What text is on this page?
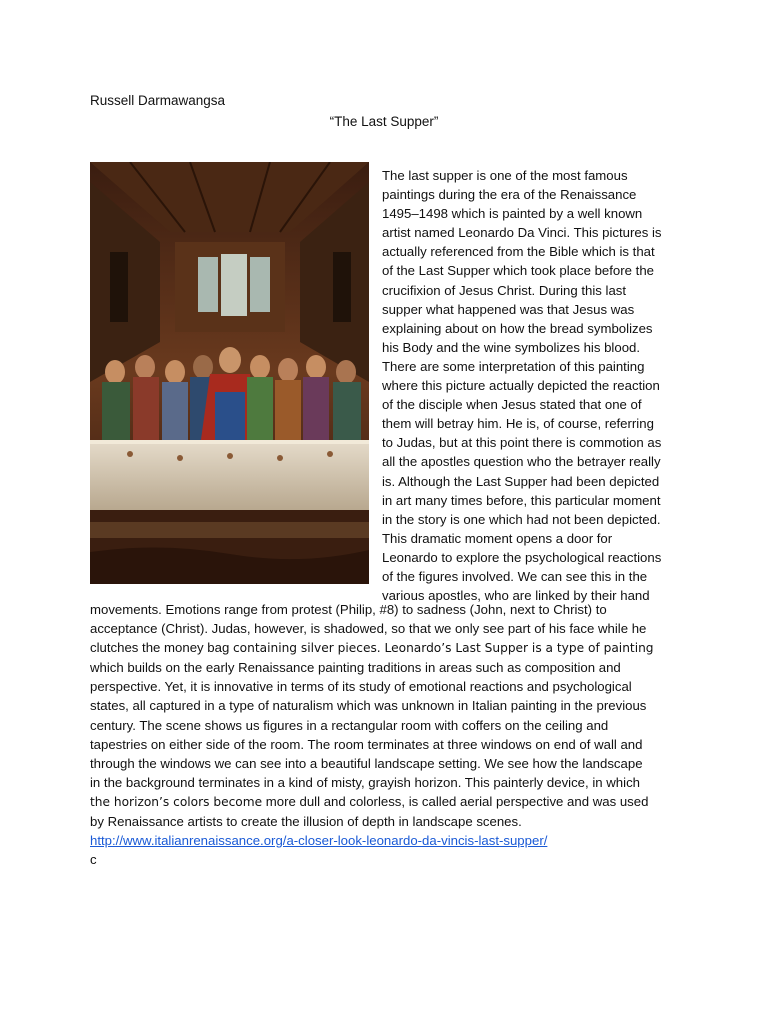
Russell Darmawangsa
“The Last Supper”
The last supper is one of the most famous
paintings during the era of the Renaissance
1495–1498 which is painted by a well known
artist named Leonardo Da Vinci. This pictures is
actually referenced from the Bible which is that
of the Last Supper which took place before the
crucifixion of Jesus Christ. During this last
supper what happened was that Jesus was
explaining about on how the bread symbolizes
his Body and the wine symbolizes his blood.
There are some interpretation of this painting
where this picture actually depicted the reaction
of the disciple when Jesus stated that one of
them will betray him. He is, of course, referring
to Judas, but at this point there is commotion as
all the apostles question who the betrayer really
is. Although the Last Supper had been depicted
in art many times before, this particular moment
in the story is one which had not been depicted.
This dramatic moment opens a door for
Leonardo to explore the psychological reactions
of the figures involved. We can see this in the
various apostles, who are linked by their hand
movements. Emotions range from protest (Philip, #8) to sadness (John, next to Christ) to
acceptance (Christ). Judas, however, is shadowed, so that we only see part of his face while he
clutches the money bag containing silver pieces. Leonardo’s Last Supper is a type of painting
which builds on the early Renaissance painting traditions in areas such as composition and
perspective. Yet, it is innovative in terms of its study of emotional reactions and psychological
states, all captured in a type of naturalism which was unknown in Italian painting in the previous
century. The scene shows us figures in a rectangular room with coffers on the ceiling and
tapestries on either side of the room. The room terminates at three windows on end of wall and
through the windows we can see into a beautiful landscape setting. We see how the landscape
in the background terminates in a kind of misty, grayish horizon. This painterly device, in which
the horizon’s colors become more dull and colorless, is called aerial perspective and was used
by Renaissance artists to create the illusion of depth in landscape scenes.
http://www.italianrenaissance.org/a-closer-look-leonardo-da-vincis-last-supper/
c
